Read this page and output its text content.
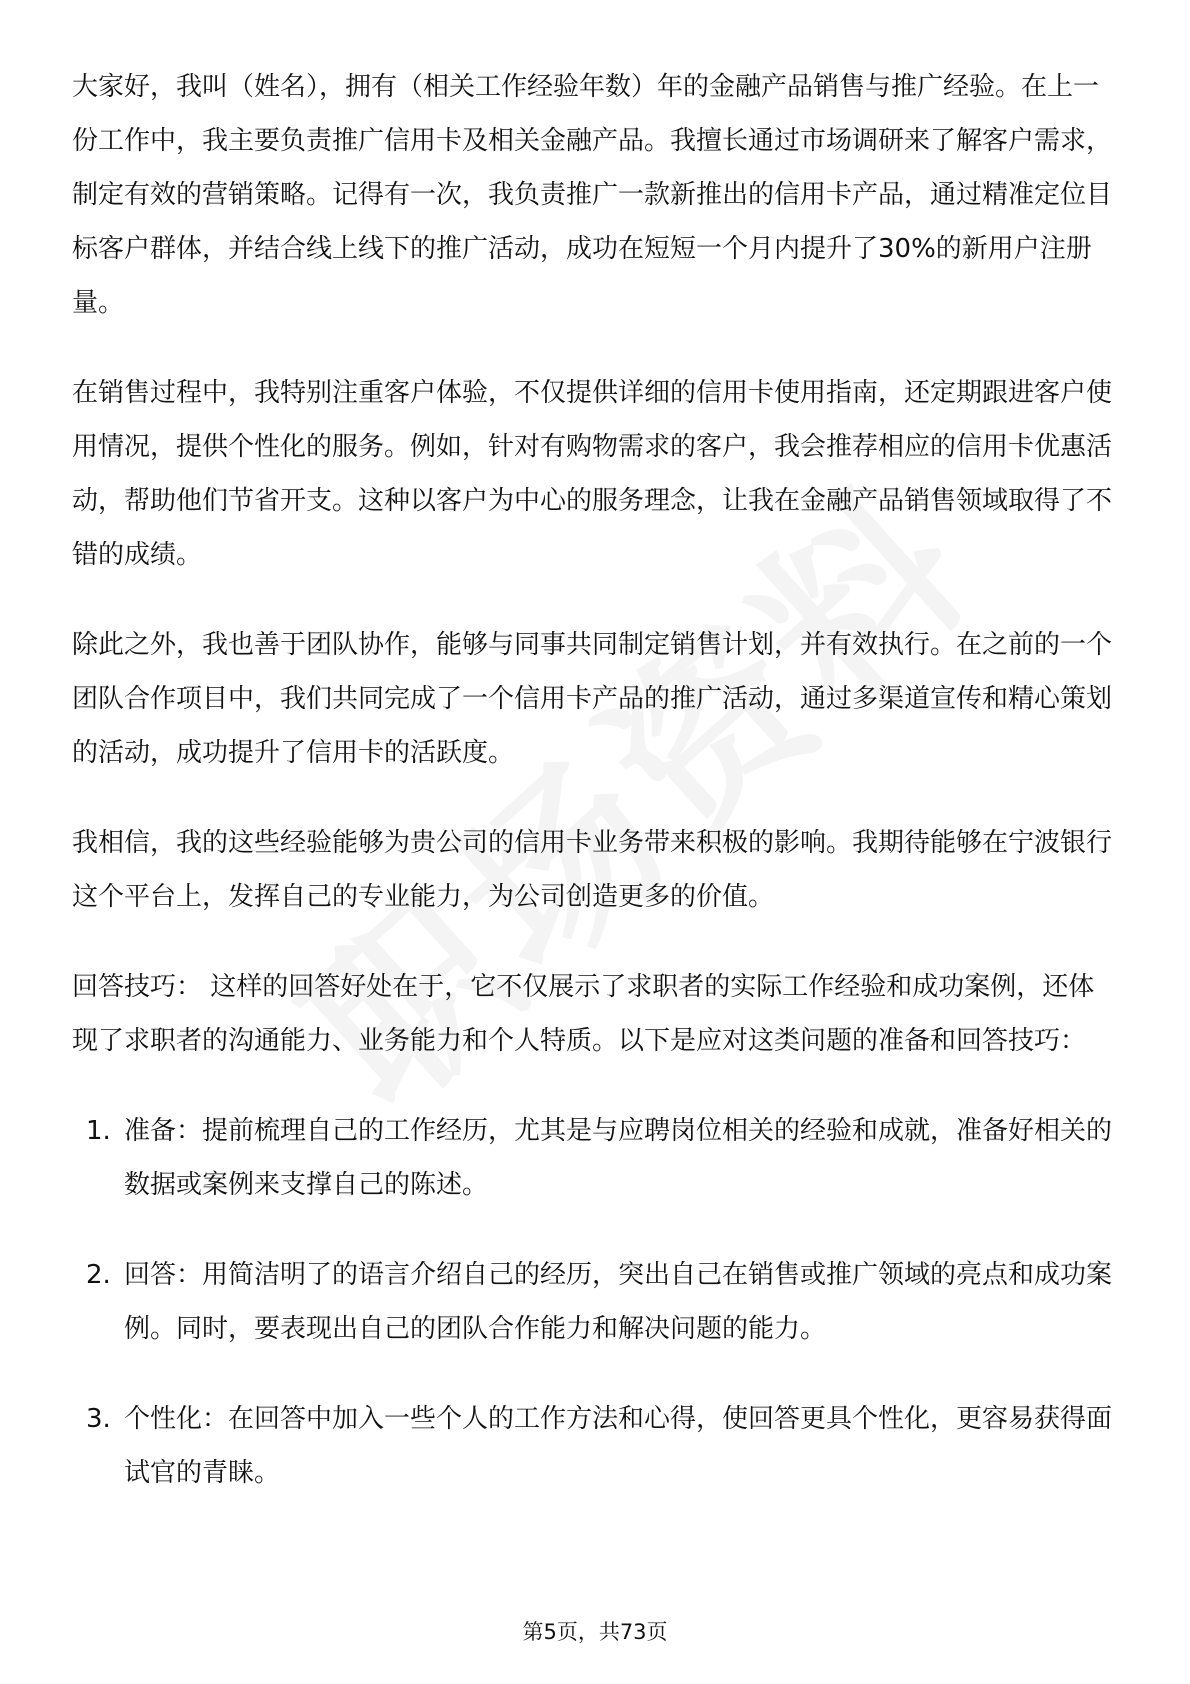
大家好，我叫（姓名），拥有（相关工作经验年数）年的金融产品销售与推广经验。在上一份工作中，我主要负责推广信用卡及相关金融产品。我擅长通过市场调研来了解客户需求，制定有效的营销策略。记得有一次，我负责推广一款新推出的信用卡产品，通过精准定位目标客户群体，并结合线上线下的推广活动，成功在短短一个月内提升了30%的新用户注册量。

在销售过程中，我特别注重客户体验，不仅提供详细的信用卡使用指南，还定期跟进客户使用情况，提供个性化的服务。例如，针对有购物需求的客户，我会推荐相应的信用卡优惠活动，帮助他们节省开支。这种以客户为中心的服务理念，让我在金融产品销售领域取得了不错的成绩。

除此之外，我也善于团队协作，能够与同事共同制定销售计划，并有效执行。在之前的一个团队合作项目中，我们共同完成了一个信用卡产品的推广活动，通过多渠道宣传和精心策划的活动，成功提升了信用卡的活跃度。

我相信，我的这些经验能够为贵公司的信用卡业务带来积极的影响。我期待能够在宁波银行这个平台上，发挥自己的专业能力，为公司创造更多的价值。

回答技巧： 这样的回答好处在于，它不仅展示了求职者的实际工作经验和成功案例，还体现了求职者的沟通能力、业务能力和个人特质。以下是应对这类问题的准备和回答技巧：

1. 准备：提前梳理自己的工作经历，尤其是与应聘岗位相关的经验和成就，准备好相关的数据或案例来支撑自己的陈述。
2. 回答：用简洁明了的语言介绍自己的经历，突出自己在销售或推广领域的亮点和成功案例。同时，要表现出自己的团队合作能力和解决问题的能力。
3. 个性化：在回答中加入一些个人的工作方法和心得，使回答更具个性化，更容易获得面试官的青睐。
第5页，共73页
